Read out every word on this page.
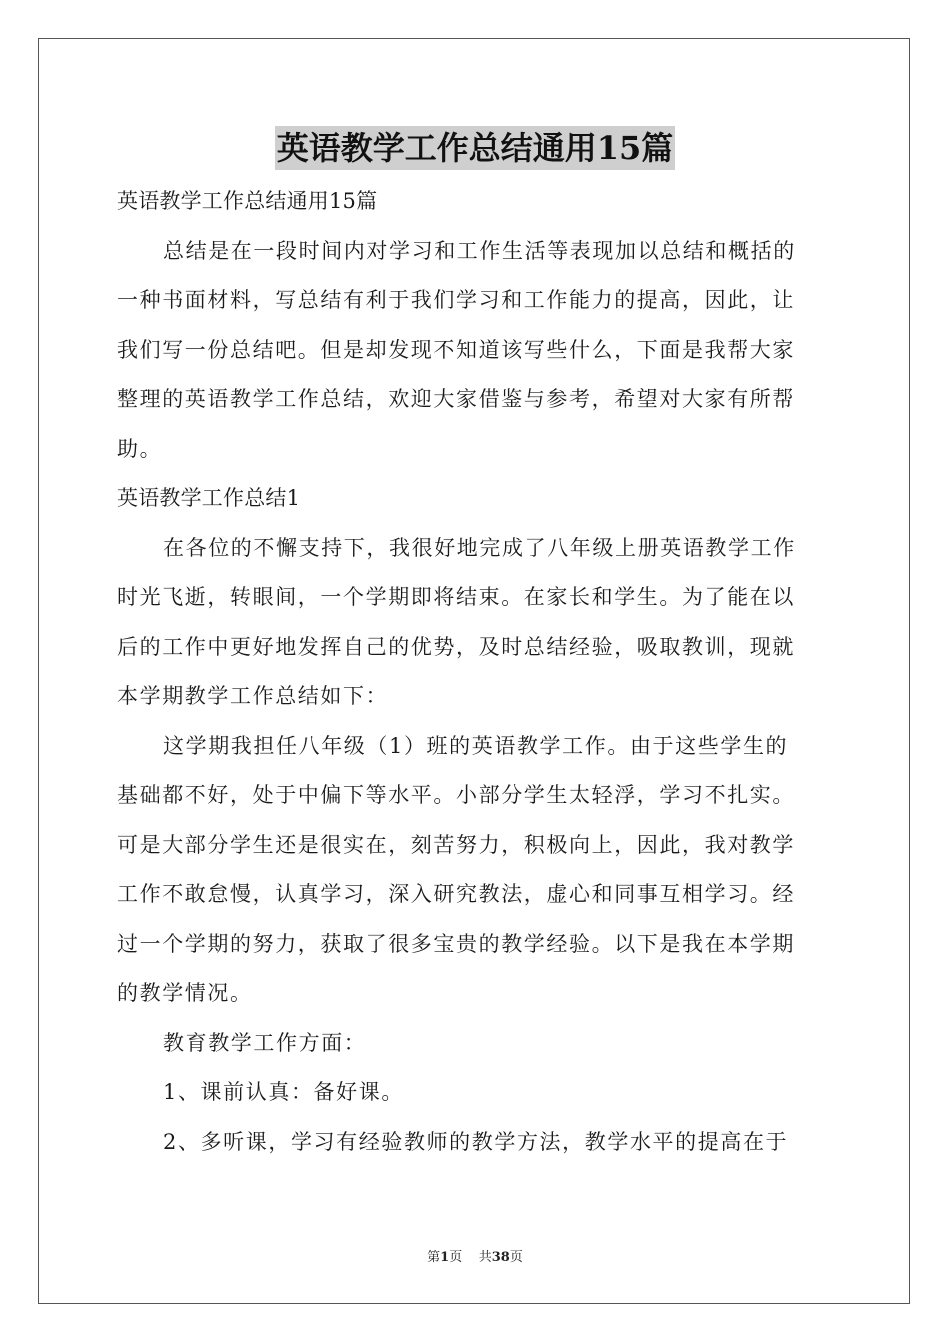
英语教学工作总结通用15篇
英语教学工作总结通用15篇
总结是在一段时间内对学习和工作生活等表现加以总结和概括的
一种书面材料，写总结有利于我们学习和工作能力的提高，因此，让
我们写一份总结吧。但是却发现不知道该写些什么，下面是我帮大家
整理的英语教学工作总结，欢迎大家借鉴与参考，希望对大家有所帮
助。
英语教学工作总结1
在各位的不懈支持下，我很好地完成了八年级上册英语教学工作
时光飞逝，转眼间，一个学期即将结束。在家长和学生。为了能在以
后的工作中更好地发挥自己的优势，及时总结经验，吸取教训，现就
本学期教学工作总结如下：
这学期我担任八年级（1）班的英语教学工作。由于这些学生的
基础都不好，处于中偏下等水平。小部分学生太轻浮，学习不扎实。
可是大部分学生还是很实在，刻苦努力，积极向上，因此，我对教学
工作不敢怠慢，认真学习，深入研究教法，虚心和同事互相学习。经
过一个学期的努力，获取了很多宝贵的教学经验。以下是我在本学期
的教学情况。
教育教学工作方面：
1、课前认真：备好课。
2、多听课，学习有经验教师的教学方法，教学水平的提高在于
第1页 共38页
